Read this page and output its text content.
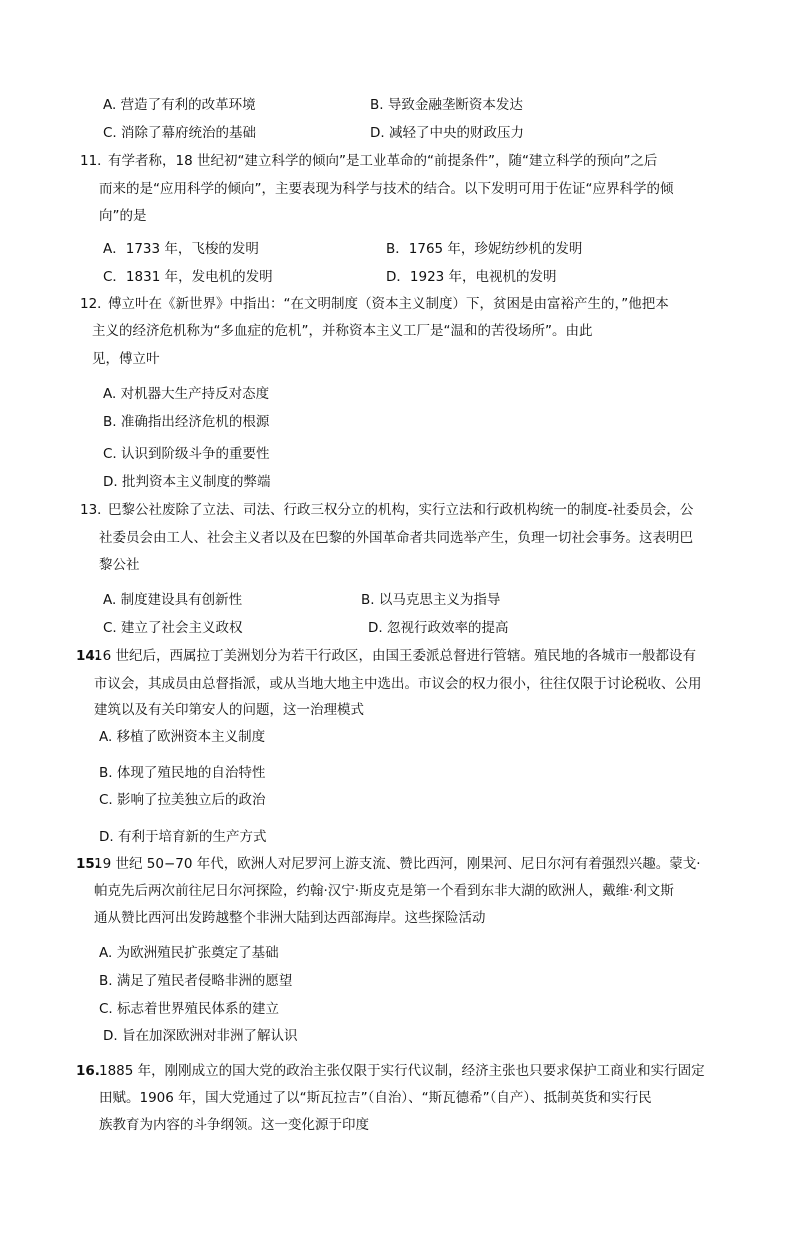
A. 营造了有利的改革环境	B. 导致金融垄断资本发达
C. 消除了幕府统治的基础	D. 减轻了中央的财政压力
11．
有学者称，18 世纪初“建立科学的倾向”是工业革命的“前提条件”，随“建立科学的预向”之后
而来的是“应用科学的倾向”，主要表现为科学与技术的结合。以下发明可用于佐证“应界科学的倾
向”的是
A．1733 年，飞梭的发明	B．1765 年，珍妮纺纱机的发明
C．1831 年，发电机的发明	D．1923 年，电视机的发明
12．
傅立叶在《新世界》中指出：“在文明制度（资本主义制度）下，贫困是由富裕产生的，”他把本
主义的经济危机称为“多血症的危机”，并称资本主义工厂是“温和的苦役场所”。由此
见，傅立叶
A. 对机器大生产持反对态度
B. 准确指出经济危机的根源
C. 认识到阶级斗争的重要性
D. 批判资本主义制度的弊端
13．
巴黎公社废除了立法、司法、行政三权分立的机构，实行立法和行政机构统一的制度-社委员会，公
社委员会由工人、社会主义者以及在巴黎的外国革命者共同选举产生，负理一切社会事务。这表明巴
黎公社
A. 制度建设具有创新性	B. 以马克思主义为指导
C. 建立了社会主义政权	D. 忽视行政效率的提高
14.
16 世纪后，西属拉丁美洲划分为若干行政区，由国王委派总督进行管辖。殖民地的各城市一般都设有
市议会，其成员由总督指派，或从当地大地主中选出。市议会的权力很小，往往仅限于讨论税收、公用
建筑以及有关印第安人的问题，这一治理模式
A. 移植了欧洲资本主义制度
B. 体现了殖民地的自治特性
C. 影响了拉美独立后的政治
D. 有利于培育新的生产方式
15.
19 世纪 50−70 年代，欧洲人对尼罗河上游支流、赞比西河，刚果河、尼日尔河有着强烈兴趣。蒙戈·
帕克先后两次前往尼日尔河探险，约翰·汉宁·斯皮克是第一个看到东非大湖的欧洲人，戴维·利文斯
通从赞比西河出发跨越整个非洲大陆到达西部海岸。这些探险活动
A. 为欧洲殖民扩张奠定了基础
B. 满足了殖民者侵略非洲的愿望
C. 标志着世界殖民体系的建立
D. 旨在加深欧洲对非洲了解认识
16. 1885 年，刚刚成立的国大党的政治主张仅限于实行代议制，经济主张也只要求保护工商业和实行固定
田赋。1906 年，国大党通过了以“斯瓦拉吉”（自治）、“斯瓦德希”（自产）、抵制英货和实行民
族教育为内容的斗争纲领。这一变化源于印度
